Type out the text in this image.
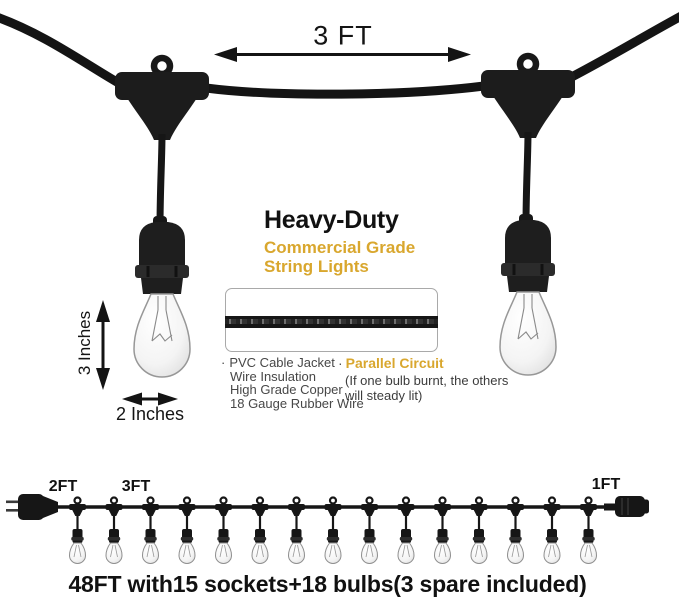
3 FT
Heavy-Duty
Commercial Grade
String Lights
3 Inches
2 Inches
· PVC Cable Jacket
Wire Insulation
High Grade Copper
18 Gauge Rubber Wire
· Parallel Circuit
(If one bulb burnt, the others
will steady lit)
2FT	3FT	1FT
48FT with15 sockets+18 bulbs(3 spare included)
